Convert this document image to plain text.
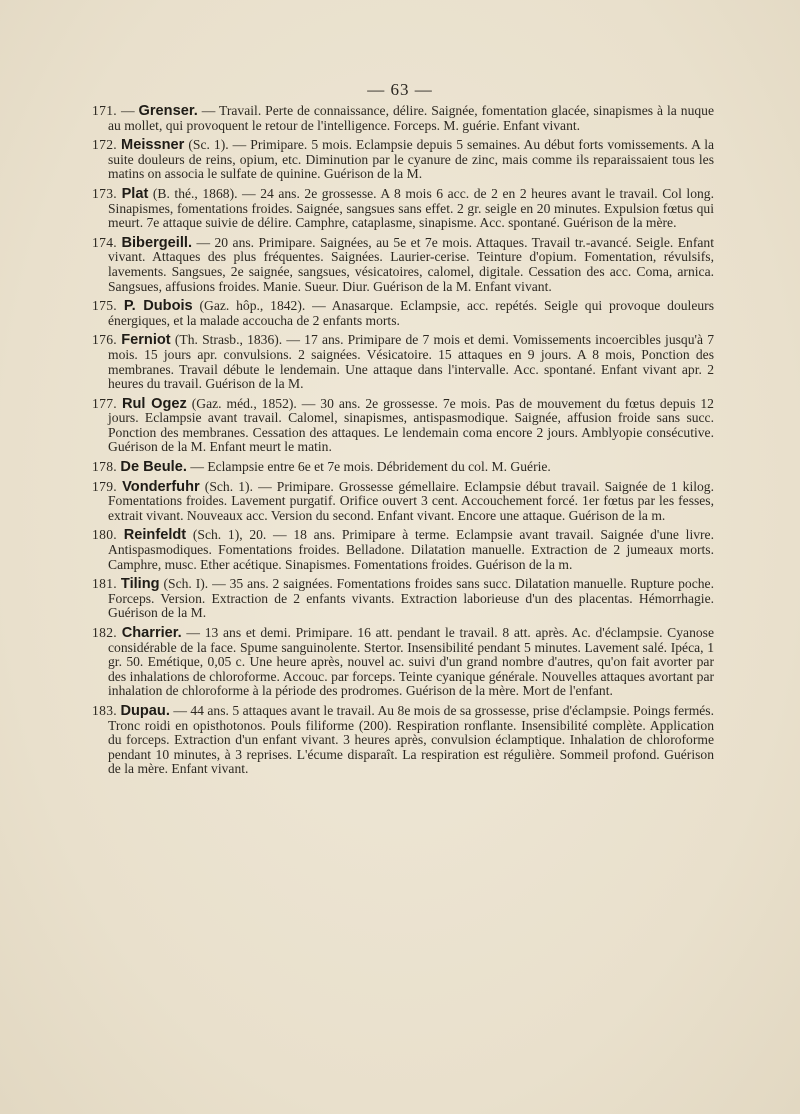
— 63 —

171. — Grenser. — Travail. Perte de connaissance, délire. Saignée, fomentation glacée, sinapismes à la nuque au mollet, qui provoquent le retour de l'intelligence. Forceps. M. guérie. Enfant vivant.

172. Meissner (Sc. 1). — Primipare. 5 mois. Eclampsie depuis 5 semaines. Au début forts vomissements. A la suite douleurs de reins, opium, etc. Diminution par le cyanure de zinc, mais comme ils reparaissaient tous les matins on associa le sulfate de quinine. Guérison de la M.

173. Plat (B. thé., 1868). — 24 ans. 2e grossesse. A 8 mois 6 acc. de 2 en 2 heures avant le travail. Col long. Sinapismes, fomentations froides. Saignée, sangsues sans effet. 2 gr. seigle en 20 minutes. Expulsion fœtus qui meurt. 7e attaque suivie de délire. Camphre, cataplasme, sinapisme. Acc. spontané. Guérison de la mère.

174. Bibergeill. — 20 ans. Primipare. Saignées, au 5e et 7e mois. Attaques. Travail tr.-avancé. Seigle. Enfant vivant. Attaques des plus fréquentes. Saignées. Laurier-cerise. Teinture d'opium. Fomentation, révulsifs, lavements. Sangsues, 2e saignée, sangsues, vésicatoires, calomel, digitale. Cessation des acc. Coma, arnica. Sangsues, affusions froides. Manie. Sueur. Diur. Guérison de la M. Enfant vivant.

175. P. Dubois (Gaz. hôp., 1842). — Anasarque. Eclampsie, acc. repétés. Seigle qui provoque douleurs énergiques, et la malade accoucha de 2 enfants morts.

176. Ferniot (Th. Strasb., 1836). — 17 ans. Primipare de 7 mois et demi. Vomissements incoercibles jusqu'à 7 mois. 15 jours apr. convulsions. 2 saignées. Vésicatoire. 15 attaques en 9 jours. A 8 mois, Ponction des membranes. Travail débute le lendemain. Une attaque dans l'intervalle. Acc. spontané. Enfant vivant apr. 2 heures du travail. Guérison de la M.

177. Rul Ogez (Gaz. méd., 1852). — 30 ans. 2e grossesse. 7e mois. Pas de mouvement du fœtus depuis 12 jours. Eclampsie avant travail. Calomel, sinapismes, antispasmodique. Saignée, affusion froide sans succ. Ponction des membranes. Cessation des attaques. Le lendemain coma encore 2 jours. Amblyopie consécutive. Guérison de la M. Enfant meurt le matin.

178. De Beule. — Eclampsie entre 6e et 7e mois. Débridement du col. M. Guérie.

179. Vonderfuhr (Sch. 1). — Primipare. Grossesse gémellaire. Eclampsie début travail. Saignée de 1 kilog. Fomentations froides. Lavement purgatif. Orifice ouvert 3 cent. Accouchement forcé. 1er fœtus par les fesses, extrait vivant. Nouveaux acc. Version du second. Enfant vivant. Encore une attaque. Guérison de la m.

180. Reinfeldt (Sch. 1), 20. — 18 ans. Primipare à terme. Eclampsie avant travail. Saignée d'une livre. Antispasmodiques. Fomentations froides. Belladone. Dilatation manuelle. Extraction de 2 jumeaux morts. Camphre, musc. Ether acétique. Sinapismes. Fomentations froides. Guérison de la m.

181. Tiling (Sch. I). — 35 ans. 2 saignées. Fomentations froides sans succ. Dilatation manuelle. Rupture poche. Forceps. Version. Extraction de 2 enfants vivants. Extraction laborieuse d'un des placentas. Hémorrhagie. Guérison de la M.

182. Charrier. — 13 ans et demi. Primipare. 16 att. pendant le travail. 8 att. après. Ac. d'éclampsie. Cyanose considérable de la face. Spume sanguinolente. Stertor. Insensibilité pendant 5 minutes. Lavement salé. Ipéca, 1 gr. 50. Emétique, 0,05 c. Une heure après, nouvel ac. suivi d'un grand nombre d'autres, qu'on fait avorter par des inhalations de chloroforme. Accouc. par forceps. Teinte cyanique générale. Nouvelles attaques avortant par inhalation de chloroforme à la période des prodromes. Guérison de la mère. Mort de l'enfant.

183. Dupau. — 44 ans. 5 attaques avant le travail. Au 8e mois de sa grossesse, prise d'éclampsie. Poings fermés. Tronc roidi en opisthotonos. Pouls filiforme (200). Respiration ronflante. Insensibilité complète. Application du forceps. Extraction d'un enfant vivant. 3 heures après, convulsion éclamptique. Inhalation de chloroforme pendant 10 minutes, à 3 reprises. L'écume disparaît. La respiration est régulière. Sommeil profond. Guérison de la mère. Enfant vivant.
